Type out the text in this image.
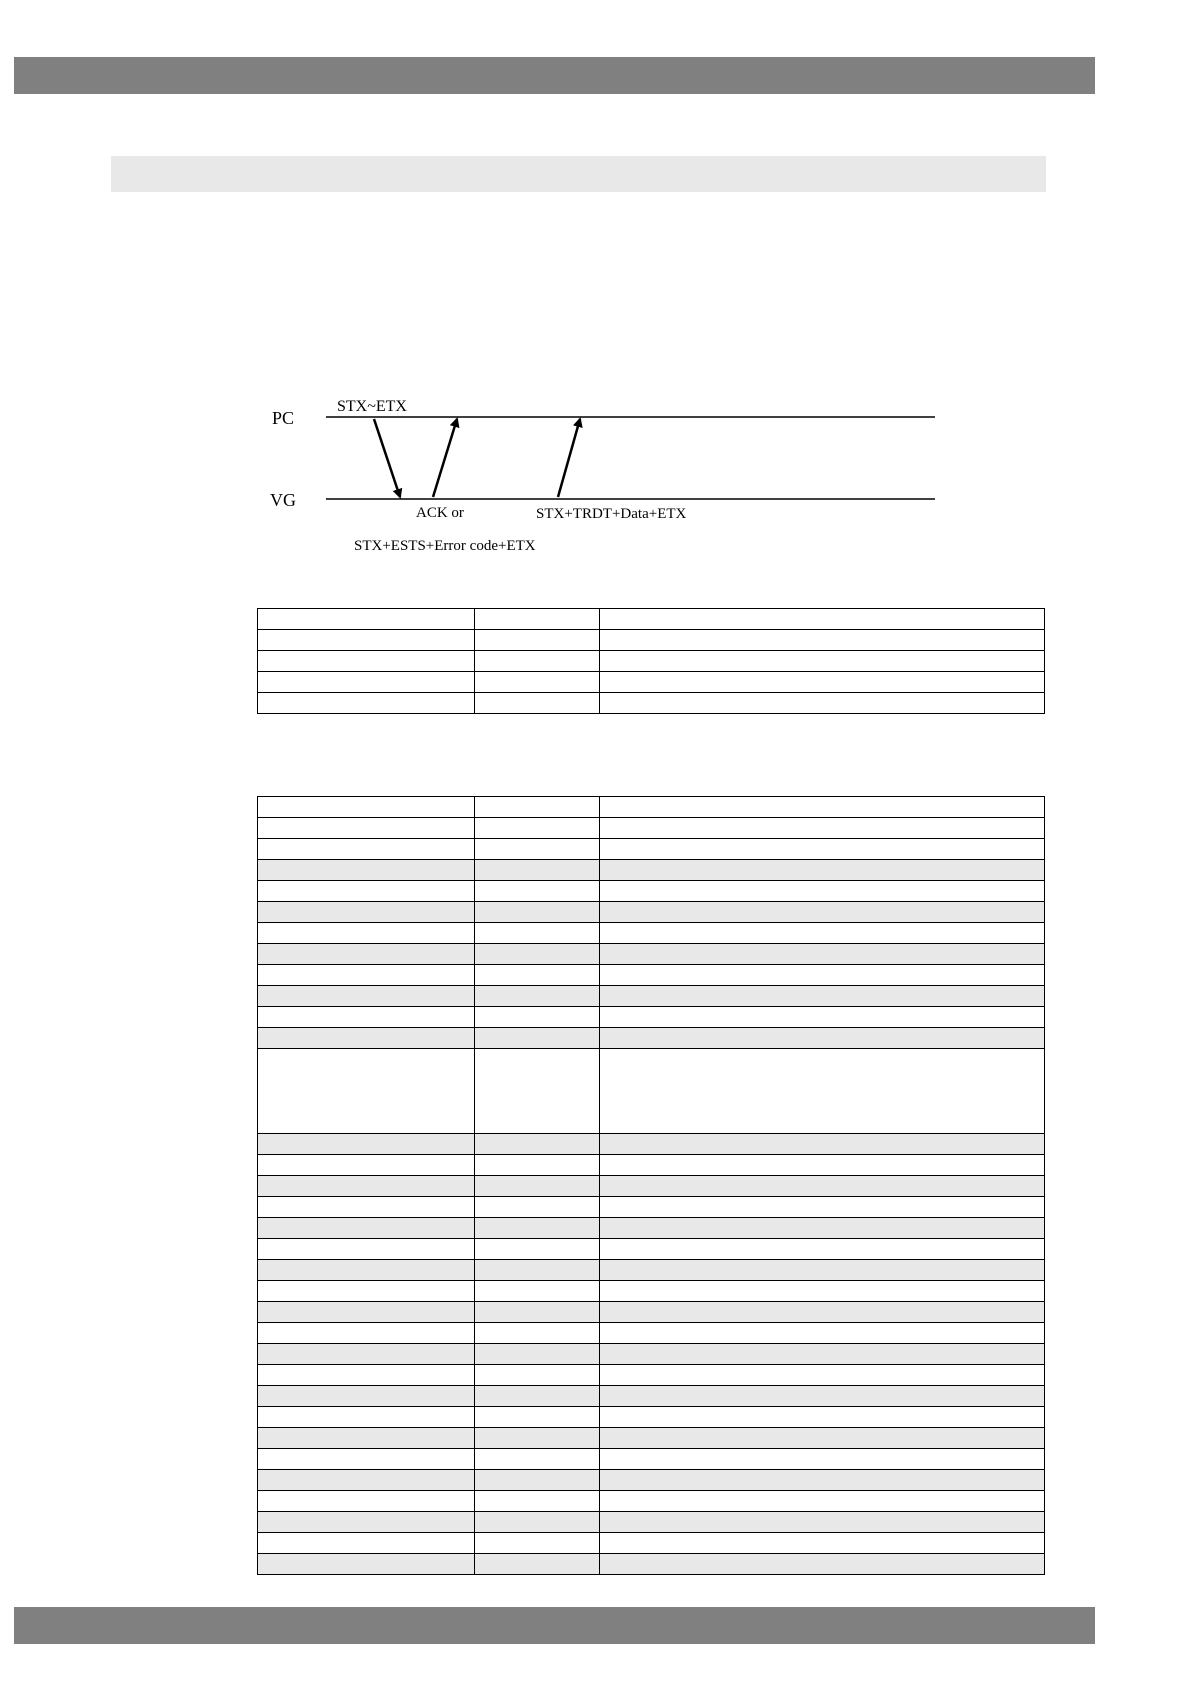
PC
VG
STX~ETX
ACK or
STX+ESTS+Error code+ETX
STX+TRDT+Data+ETX
